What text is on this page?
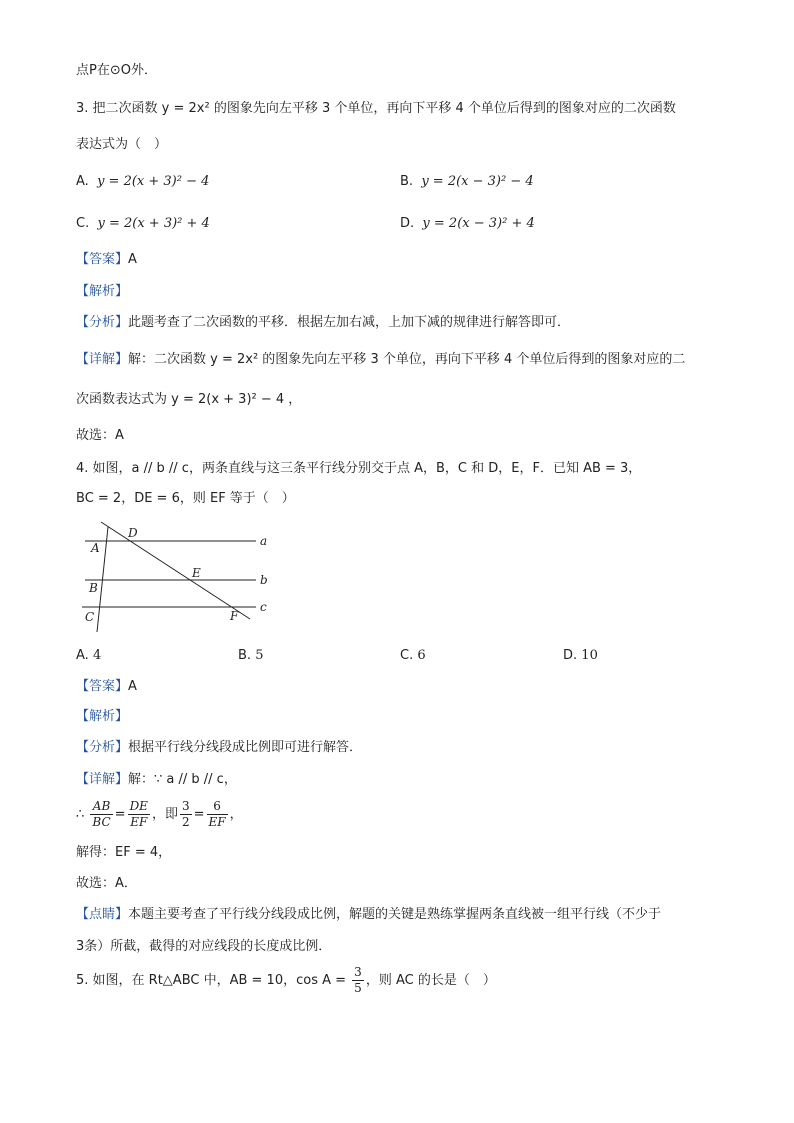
点P在⊙O外．
3. 把二次函数 y = 2x² 的图象先向左平移 3 个单位，再向下平移 4 个单位后得到的图象对应的二次函数
表达式为（　）
A. y = 2(x + 3)² − 4	B. y = 2(x − 3)² − 4
C. y = 2(x + 3)² + 4	D. y = 2(x − 3)² + 4
【答案】A
【解析】
【分析】此题考查了二次函数的平移．根据左加右减，上加下减的规律进行解答即可．
【详解】解：二次函数 y = 2x² 的图象先向左平移 3 个单位，再向下平移 4 个单位后得到的图象对应的二
次函数表达式为 y = 2(x + 3)² − 4 ，
故选：A
4. 如图，a // b // c，两条直线与这三条平行线分别交于点 A，B，C 和 D，E，F．已知 AB = 3，
BC = 2，DE = 6，则 EF 等于（　）
a
b
c
A
B
C
D
E
F
A. 4	B. 5	C. 6	D. 10
【答案】A
【解析】
【分析】根据平行线分线段成比例即可进行解答．
【详解】解：∵ a // b // c，
∴ $\frac{AB}{BC} = \frac{DE}{EF}$ ，即 $\frac{3}{2} = \frac{6}{EF}$ ，
解得：EF = 4，
故选：A．
【点睛】本题主要考查了平行线分线段成比例，解题的关键是熟练掌握两条直线被一组平行线（不少于
3条）所截，截得的对应线段的长度成比例．
5. 如图，在 Rt△ABC 中，AB = 10，$\cos A = \frac{3}{5}$ ，则 AC 的长是（　）
